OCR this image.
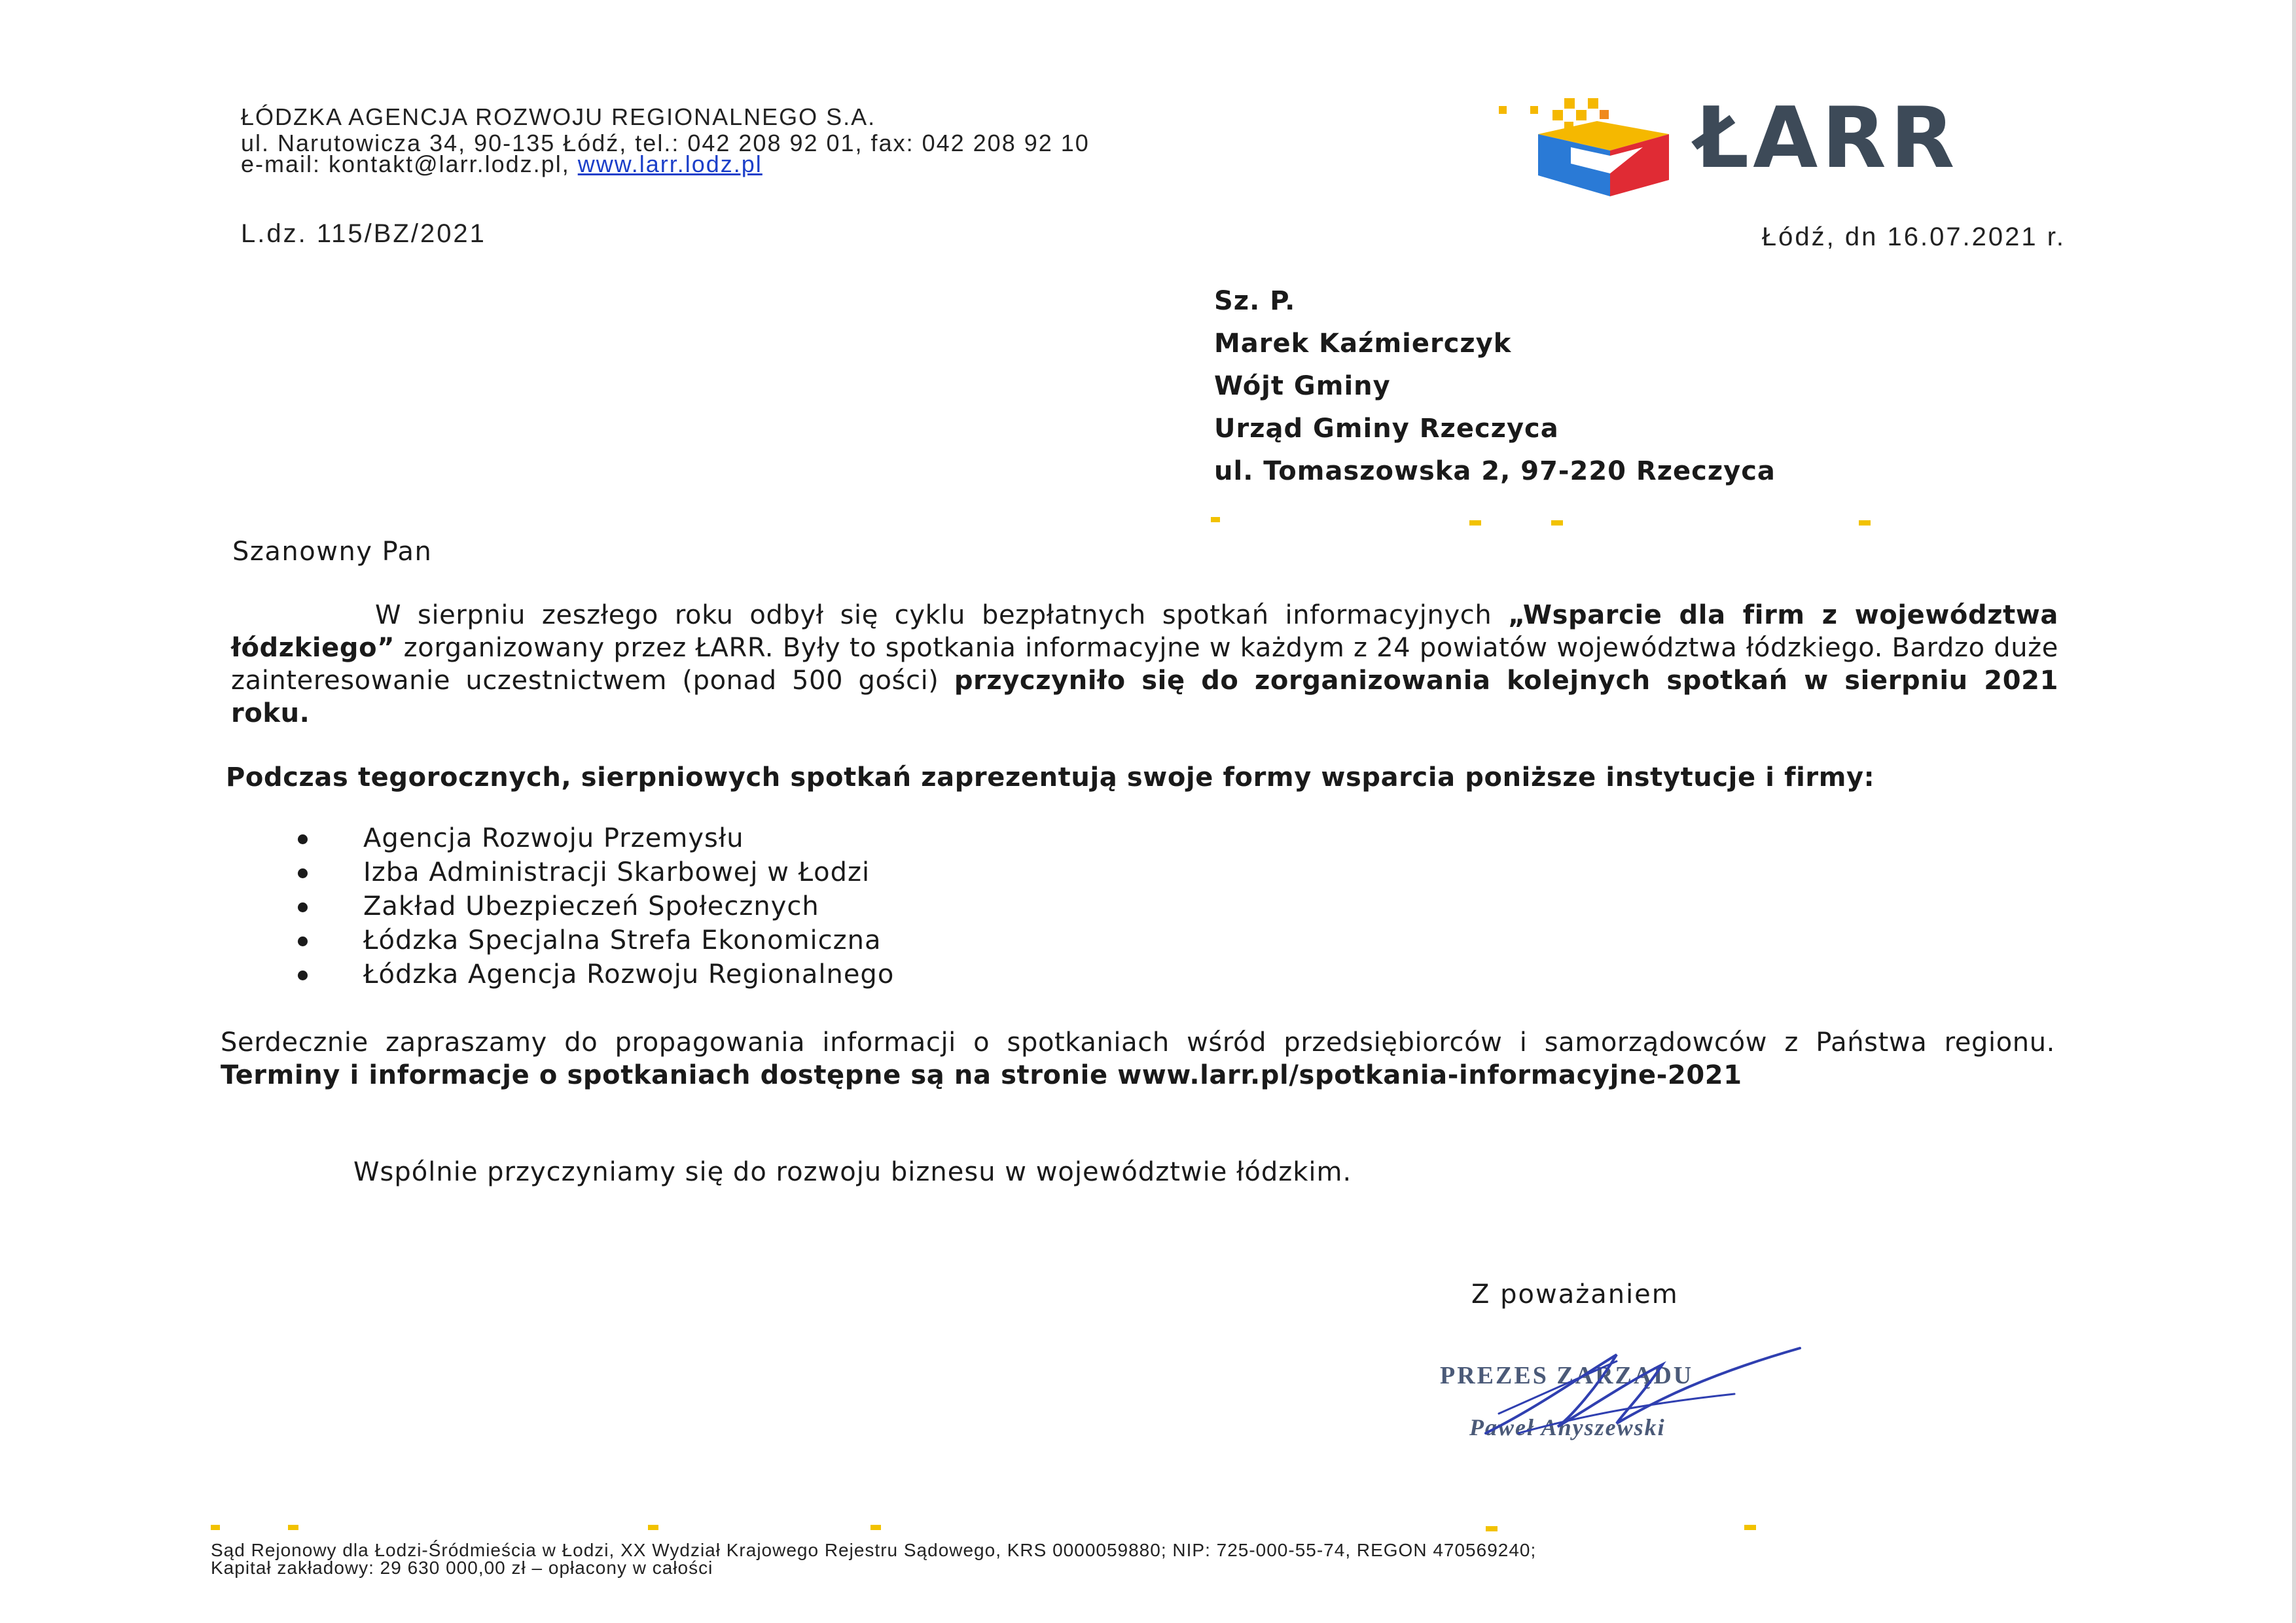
ŁÓDZKA AGENCJA ROZWOJU REGIONALNEGO S.A.
ul. Narutowicza 34, 90-135 Łódź, tel.: 042 208 92 01, fax: 042 208 92 10
e-mail: kontakt@larr.lodz.pl, www.larr.lodz.pl	ŁARR
L.dz. 115/BZ/2021	Łódź, dn 16.07.2021 r.
Sz. P.
Marek Kaźmierczyk
Wójt Gminy
Urząd Gminy Rzeczyca
ul. Tomaszowska 2, 97-220 Rzeczyca
Szanowny Pan

W sierpniu zeszłego roku odbył się cyklu bezpłatnych spotkań informacyjnych „Wsparcie dla firm z województwa łódzkiego” zorganizowany przez ŁARR. Były to spotkania informacyjne w każdym z 24 powiatów województwa łódzkiego. Bardzo duże zainteresowanie uczestnictwem (ponad 500 gości) przyczyniło się do zorganizowania kolejnych spotkań w sierpniu 2021 roku.

Podczas tegorocznych, sierpniowych spotkań zaprezentują swoje formy wsparcia poniższe instytucje i firmy:

Agencja Rozwoju Przemysłu
Izba Administracji Skarbowej w Łodzi
Zakład Ubezpieczeń Społecznych
Łódzka Specjalna Strefa Ekonomiczna
Łódzka Agencja Rozwoju Regionalnego

Serdecznie zapraszamy do propagowania informacji o spotkaniach wśród przedsiębiorców i samorządowców z Państwa regionu. Terminy i informacje o spotkaniach dostępne są na stronie www.larr.pl/spotkania-informacyjne-2021

Wspólnie przyczyniamy się do rozwoju biznesu w województwie łódzkim.
Z poważaniem
PREZES ZARZĄDU
Paweł Anyszewski
Sąd Rejonowy dla Łodzi-Śródmieścia w Łodzi, XX Wydział Krajowego Rejestru Sądowego, KRS 0000059880; NIP: 725-000-55-74, REGON 470569240;
Kapitał zakładowy: 29 630 000,00 zł – opłacony w całości
